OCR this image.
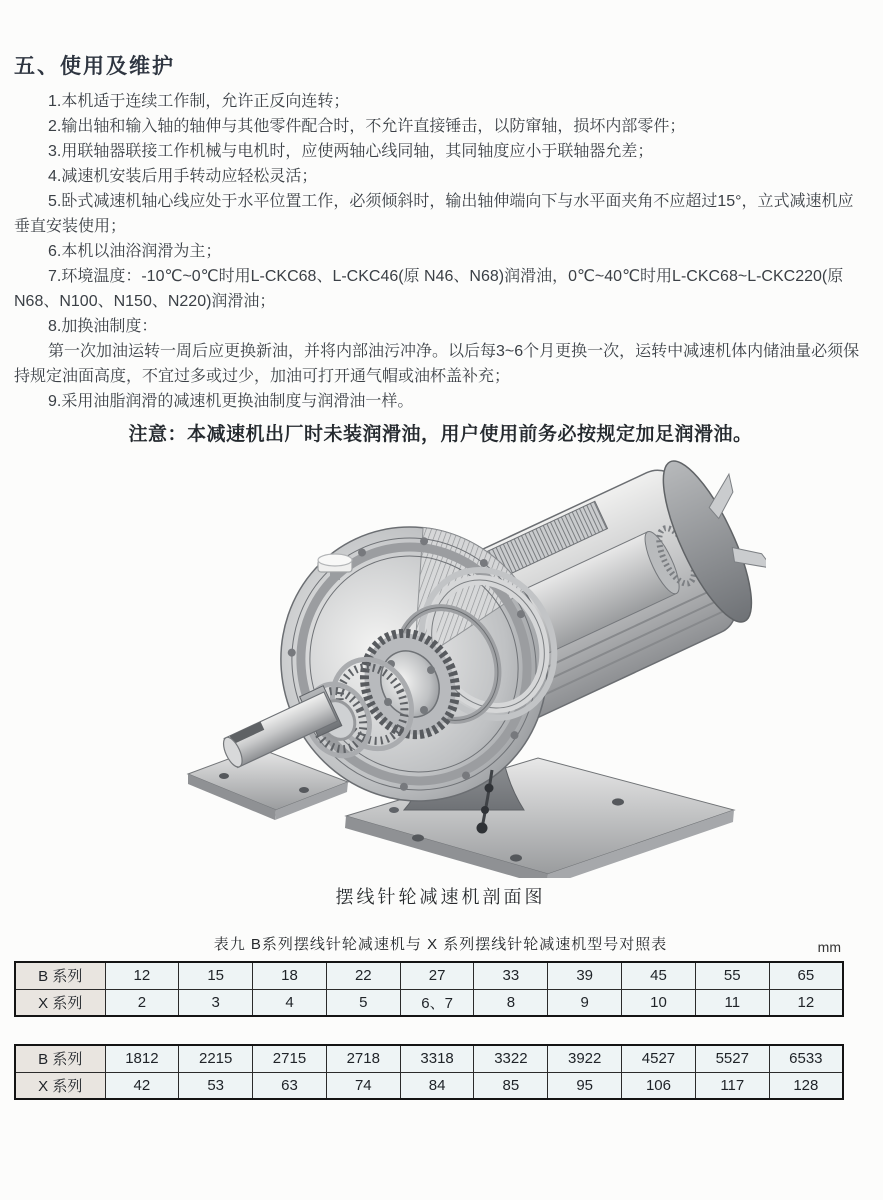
五、使用及维护

1.本机适于连续工作制，允许正反向连转；

2.输出轴和输入轴的轴伸与其他零件配合时，不允许直接锤击，以防窜轴，损坏内部零件；

3.用联轴器联接工作机械与电机时，应使两轴心线同轴，其同轴度应小于联轴器允差；

4.减速机安装后用手转动应轻松灵活；

5.卧式减速机轴心线应处于水平位置工作，必须倾斜时，输出轴伸端向下与水平面夹角不应超过15°，立式减速机应垂直安装使用；

6.本机以油浴润滑为主；

7.环境温度：-10℃~0℃时用L-CKC68、L-CKC46(原 N46、N68)润滑油，0℃~40℃时用L-CKC68~L-CKC220(原N68、N100、N150、N220)润滑油；

8.加换油制度：

第一次加油运转一周后应更换新油，并将内部油污冲净。以后每3~6个月更换一次，运转中减速机体内储油量必须保持规定油面高度，不宜过多或过少，加油可打开通气帽或油杯盖补充；

9.采用油脂润滑的减速机更换油制度与润滑油一样。

注意：本减速机出厂时未装润滑油，用户使用前务必按规定加足润滑油。
摆线针轮减速机剖面图
表九 B系列摆线针轮减速机与 X 系列摆线针轮减速机型号对照表	mm
B 系列	12	15	18	22	27	33	39	45	55	65
X 系列	2	3	4	5	6、7	8	9	10	11	12
B 系列	1812	2215	2715	2718	3318	3322	3922	4527	5527	6533
X 系列	42	53	63	74	84	85	95	106	117	128
